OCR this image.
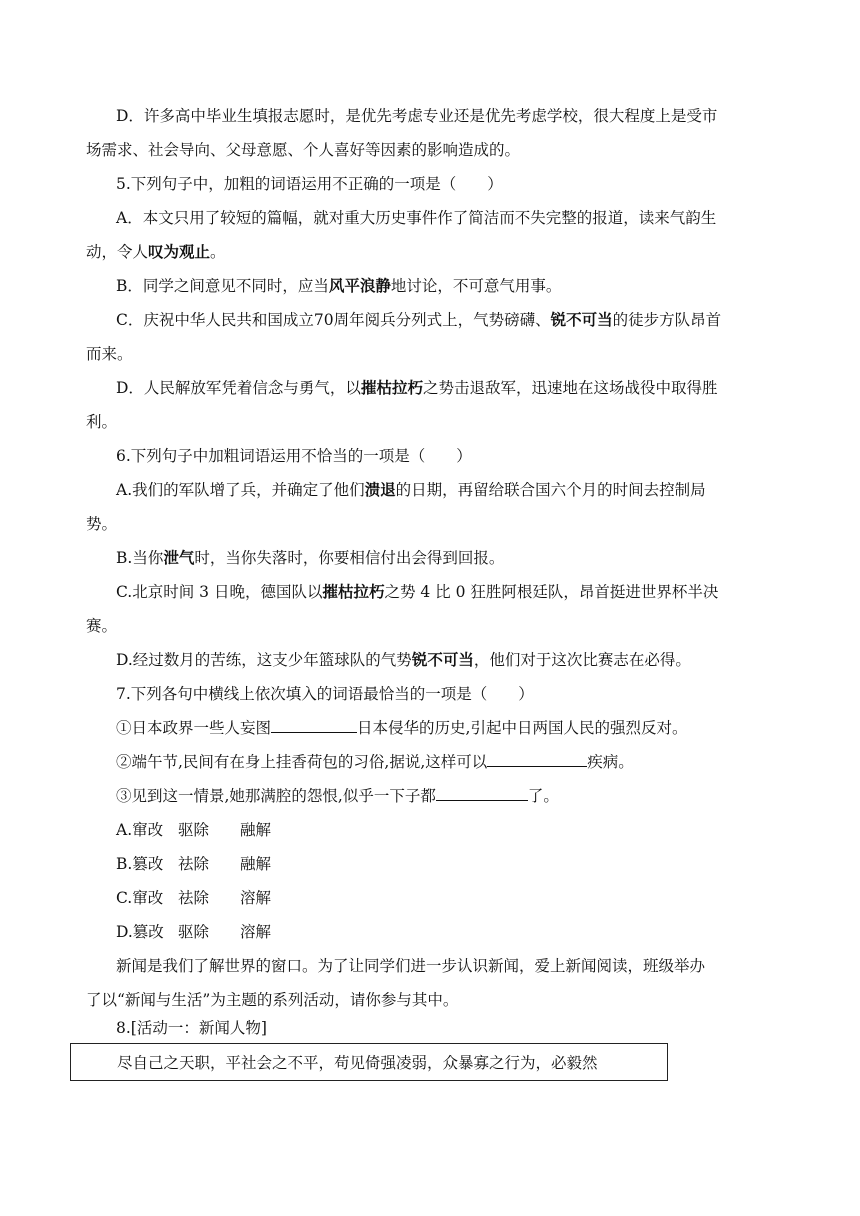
D．许多高中毕业生填报志愿时，是优先考虑专业还是优先考虑学校，很大程度上是受市
场需求、社会导向、父母意愿、个人喜好等因素的影响造成的。
5.下列句子中，加粗的词语运用不正确的一项是（　　）
A．本文只用了较短的篇幅，就对重大历史事件作了简洁而不失完整的报道，读来气韵生
动，令人叹为观止。
B．同学之间意见不同时，应当风平浪静地讨论，不可意气用事。
C．庆祝中华人民共和国成立70周年阅兵分列式上，气势磅礴、锐不可当的徒步方队昂首
而来。
D．人民解放军凭着信念与勇气，以摧枯拉朽之势击退敌军，迅速地在这场战役中取得胜
利。
6.下列句子中加粗词语运用不恰当的一项是（　　）
A.我们的军队增了兵，并确定了他们溃退的日期，再留给联合国六个月的时间去控制局
势。
B.当你泄气时，当你失落时，你要相信付出会得到回报。
C.北京时间 3 日晚，德国队以摧枯拉朽之势 4 比 0 狂胜阿根廷队，昂首挺进世界杯半决
赛。
D.经过数月的苦练，这支少年篮球队的气势锐不可当，他们对于这次比赛志在必得。
7.下列各句中横线上依次填入的词语最恰当的一项是（　　）
①日本政界一些人妄图	日本侵华的历史,引起中日两国人民的强烈反对。
②端午节,民间有在身上挂香荷包的习俗,据说,这样可以	疾病。
③见到这一情景,她那满腔的怨恨,似乎一下子都	了。
A.窜改 驱除 融解
B.篡改 祛除 融解
C.窜改 祛除 溶解
D.篡改 驱除 溶解
新闻是我们了解世界的窗口。为了让同学们进一步认识新闻，爱上新闻阅读，班级举办
了以“新闻与生活”为主题的系列活动，请你参与其中。
8.[活动一：新闻人物]
尽自己之天职，平社会之不平，苟见倚强凌弱，众暴寡之行为，必毅然
